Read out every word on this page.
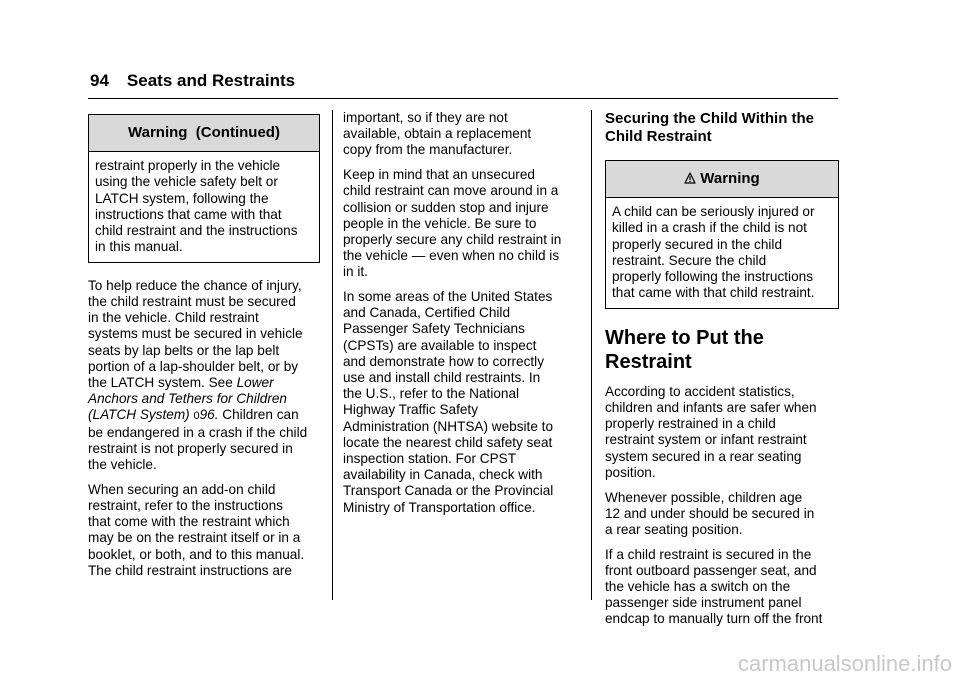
94 Seats and Restraints
Warning  (Continued)

restraint properly in the vehicle

using the vehicle safety belt or

LATCH system, following the

instructions that came with that

child restraint and the instructions

in this manual.

To help reduce the chance of injury,
the child restraint must be secured
in the vehicle. Child restraint
systems must be secured in vehicle
seats by lap belts or the lap belt
portion of a lap-shoulder belt, or by
the LATCH system. See Lower
Anchors and Tethers for Children
(LATCH System) 096. Children can
be endangered in a crash if the child
restraint is not properly secured in
the vehicle.

When securing an add-on child
restraint, refer to the instructions
that come with the restraint which
may be on the restraint itself or in a
booklet, or both, and to this manual.
The child restraint instructions are

important, so if they are not
available, obtain a replacement
copy from the manufacturer.

Keep in mind that an unsecured
child restraint can move around in a
collision or sudden stop and injure
people in the vehicle. Be sure to
properly secure any child restraint in
the vehicle — even when no child is
in it.

In some areas of the United States
and Canada, Certified Child
Passenger Safety Technicians
(CPSTs) are available to inspect
and demonstrate how to correctly
use and install child restraints. In
the U.S., refer to the National
Highway Traffic Safety
Administration (NHTSA) website to
locate the nearest child safety seat
inspection station. For CPST
availability in Canada, check with
Transport Canada or the Provincial
Ministry of Transportation office.

Securing the Child Within the
Child Restraint
Warning

A child can be seriously injured or

killed in a crash if the child is not

properly secured in the child

restraint. Secure the child

properly following the instructions

that came with that child restraint.

Where to Put the
Restraint

According to accident statistics,
children and infants are safer when
properly restrained in a child
restraint system or infant restraint
system secured in a rear seating
position.

Whenever possible, children age
12 and under should be secured in
a rear seating position.

If a child restraint is secured in the
front outboard passenger seat, and
the vehicle has a switch on the
passenger side instrument panel
endcap to manually turn off the front

carmanualsonline.info
